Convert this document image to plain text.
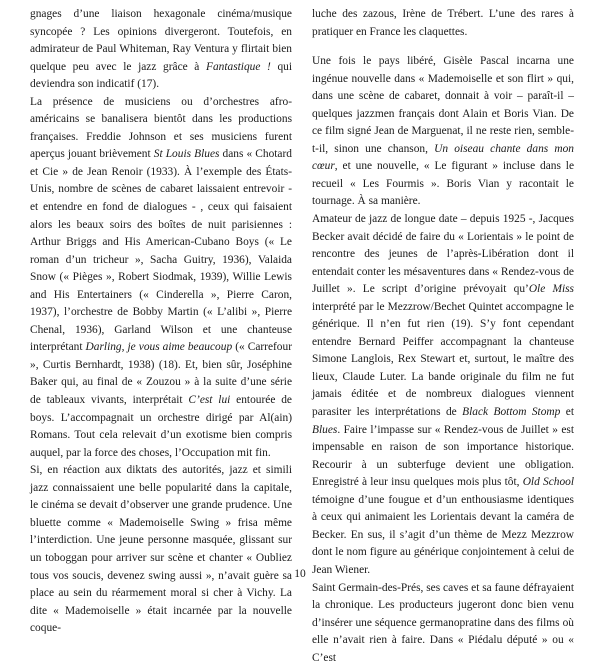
gnages d’une liaison hexagonale cinéma/musique syncopée ? Les opinions divergeront. Toutefois, en admirateur de Paul Whiteman, Ray Ventura y flirtait bien quelque peu avec le jazz grâce à Fantastique ! qui deviendra son indicatif (17).

La présence de musiciens ou d’orchestres afro-américains se banalisera bientôt dans les productions françaises. Freddie Johnson et ses musiciens furent aperçus jouant brièvement St Louis Blues dans « Chotard et Cie » de Jean Renoir (1933). À l’exemple des États-Unis, nombre de scènes de cabaret laissaient entrevoir - et entendre en fond de dialogues - , ceux qui faisaient alors les beaux soirs des boîtes de nuit parisiennes : Arthur Briggs and His American-Cubano Boys (« Le roman d’un tricheur », Sacha Guitry, 1936), Valaida Snow (« Pièges », Robert Siodmak, 1939), Willie Lewis and His Entertainers (« Cinderella », Pierre Caron, 1937), l’orchestre de Bobby Martin (« L’alibi », Pierre Chenal, 1936), Garland Wilson et une chanteuse interprétant Darling, je vous aime beaucoup (« Carrefour », Curtis Bernhardt, 1938) (18). Et, bien sûr, Joséphine Baker qui, au final de « Zouzou » à la suite d’une série de tableaux vivants, interprétait C’est lui entourée de boys. L’accompagnait un orchestre dirigé par Al(ain) Romans. Tout cela relevait d’un exotisme bien compris auquel, par la force des choses, l’Occupation mit fin.

Si, en réaction aux diktats des autorités, jazz et simili jazz connaissaient une belle popularité dans la capitale, le cinéma se devait d’observer une grande prudence. Une bluette comme « Mademoiselle Swing » frisa même l’interdiction. Une jeune personne masquée, glissant sur un toboggan pour arriver sur scène et chanter « Oubliez tous vos soucis, devenez swing aussi », n’avait guère sa place au sein du réarmement moral si cher à Vichy. La dite « Mademoiselle » était incarnée par la nouvelle coque-

luche des zazous, Irène de Trébert. L’une des rares à pratiquer en France les claquettes.

Une fois le pays libéré, Gisèle Pascal incarna une ingénue nouvelle dans « Mademoiselle et son flirt » qui, dans une scène de cabaret, donnait à voir – paraît-il – quelques jazzmen français dont Alain et Boris Vian. De ce film signé Jean de Marguenat, il ne reste rien, semble-t-il, sinon une chanson, Un oiseau chante dans mon cœur, et une nouvelle, « Le figurant » incluse dans le recueil « Les Fourmis ». Boris Vian y racontait le tournage. À sa manière.

Amateur de jazz de longue date – depuis 1925 -, Jacques Becker avait décidé de faire du « Lorientais » le point de rencontre des jeunes de l’après-Libération dont il entendait conter les mésaventures dans « Rendez-vous de Juillet ». Le script d’origine prévoyait qu’Ole Miss interprété par le Mezzrow/Bechet Quintet accompagne le générique. Il n’en fut rien (19). S’y font cependant entendre Bernard Peiffer accompagnant la chanteuse Simone Langlois, Rex Stewart et, surtout, le maître des lieux, Claude Luter. La bande originale du film ne fut jamais éditée et de nombreux dialogues viennent parasiter les interprétations de Black Bottom Stomp et Blues. Faire l’impasse sur « Rendez-vous de Juillet » est impensable en raison de son importance historique. Recourir à un subterfuge devient une obligation. Enregistré à leur insu quelques mois plus tôt, Old School témoigne d’une fougue et d’un enthousiasme identiques à ceux qui animaient les Lorientais devant la caméra de Becker. En sus, il s’agit d’un thème de Mezz Mezzrow dont le nom figure au générique conjointement à celui de Jean Wiener.

Saint Germain-des-Prés, ses caves et sa faune défrayaient la chronique. Les producteurs jugeront donc bien venu d’insérer une séquence germanopratine dans des films où elle n’avait rien à faire. Dans « Piédalu député » ou « C’est

10
